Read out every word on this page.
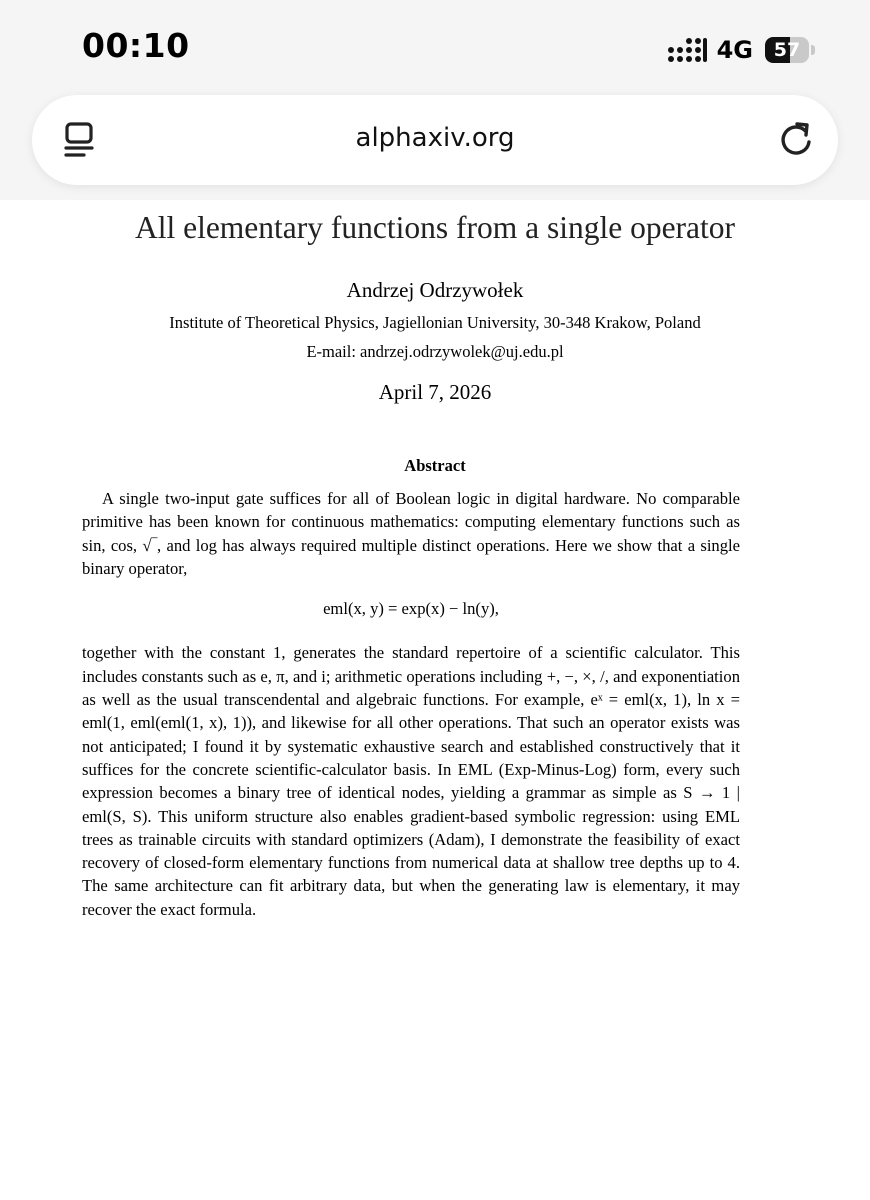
00:10	4G	57
alphaxiv.org
All elementary functions from a single operator
Andrzej Odrzywołek
Institute of Theoretical Physics, Jagiellonian University, 30-348 Krakow, Poland
E-mail: andrzej.odrzywolek@uj.edu.pl
April 7, 2026
Abstract

A single two-input gate suffices for all of Boolean logic in digital hardware. No comparable primitive has been known for continuous mathematics: computing elementary functions such as sin, cos, √‾, and log has always required multiple distinct operations. Here we show that a single binary operator,

eml(x, y) = exp(x) − ln(y),

together with the constant 1, generates the standard repertoire of a scientific calculator. This includes constants such as e, π, and i; arithmetic operations including +, −, ×, /, and exponentiation as well as the usual transcendental and algebraic functions. For example, eˣ = eml(x, 1), ln x = eml(1, eml(eml(1, x), 1)), and likewise for all other operations. That such an operator exists was not anticipated; I found it by systematic exhaustive search and established constructively that it suffices for the concrete scientific-calculator basis. In EML (Exp-Minus-Log) form, every such expression becomes a binary tree of identical nodes, yielding a grammar as simple as S → 1 | eml(S, S). This uniform structure also enables gradient-based symbolic regression: using EML trees as trainable circuits with standard optimizers (Adam), I demonstrate the feasibility of exact recovery of closed-form elementary functions from numerical data at shallow tree depths up to 4. The same architecture can fit arbitrary data, but when the generating law is elementary, it may recover the exact formula.
